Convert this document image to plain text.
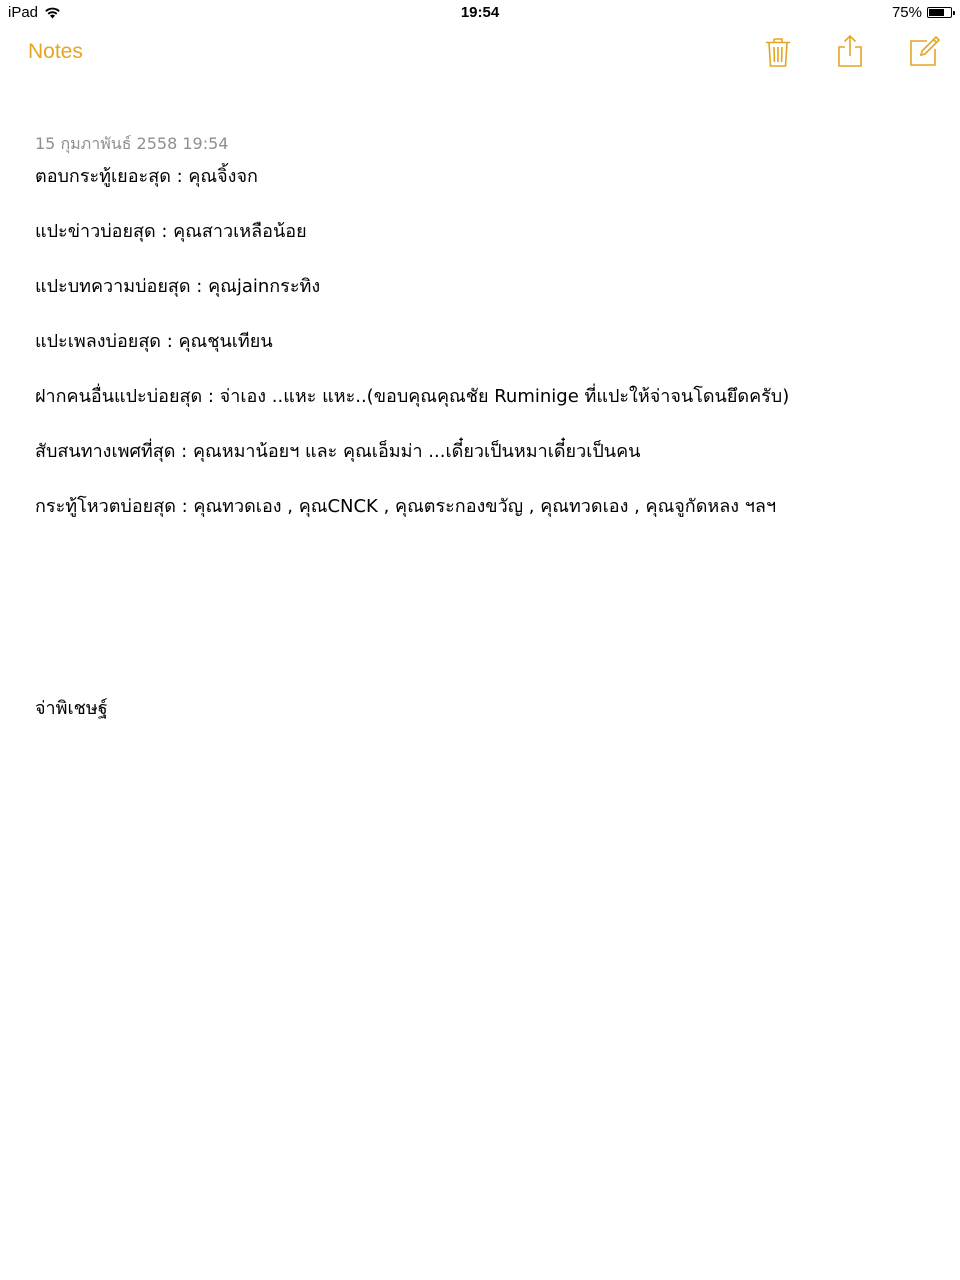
iPad	19:54	75%
Notes
15 กุมภาพันธ์ 2558 19:54
ตอบกระทู้เยอะสุด : คุณจิ้งจก
แปะข่าวบ่อยสุด : คุณสาวเหลือน้อย
แปะบทความบ่อยสุด : คุณjainกระทิง
แปะเพลงบ่อยสุด : คุณชุนเทียน
ฝากคนอื่นแปะบ่อยสุด : จ่าเอง ..แหะ แหะ..(ขอบคุณคุณชัย Ruminige ที่แปะให้จ่าจนโดนยึดครับ)
สับสนทางเพศที่สุด : คุณหมาน้อยฯ และ คุณเอ็มม่า ...เดี๋ยวเป็นหมาเดี๋ยวเป็นคน
กระทู้โหวตบ่อยสุด : คุณทวดเอง , คุณCNCK , คุณตระกองขวัญ , คุณทวดเอง , คุณจูกัดหลง ฯลฯ
จ่าพิเชษฐ์
